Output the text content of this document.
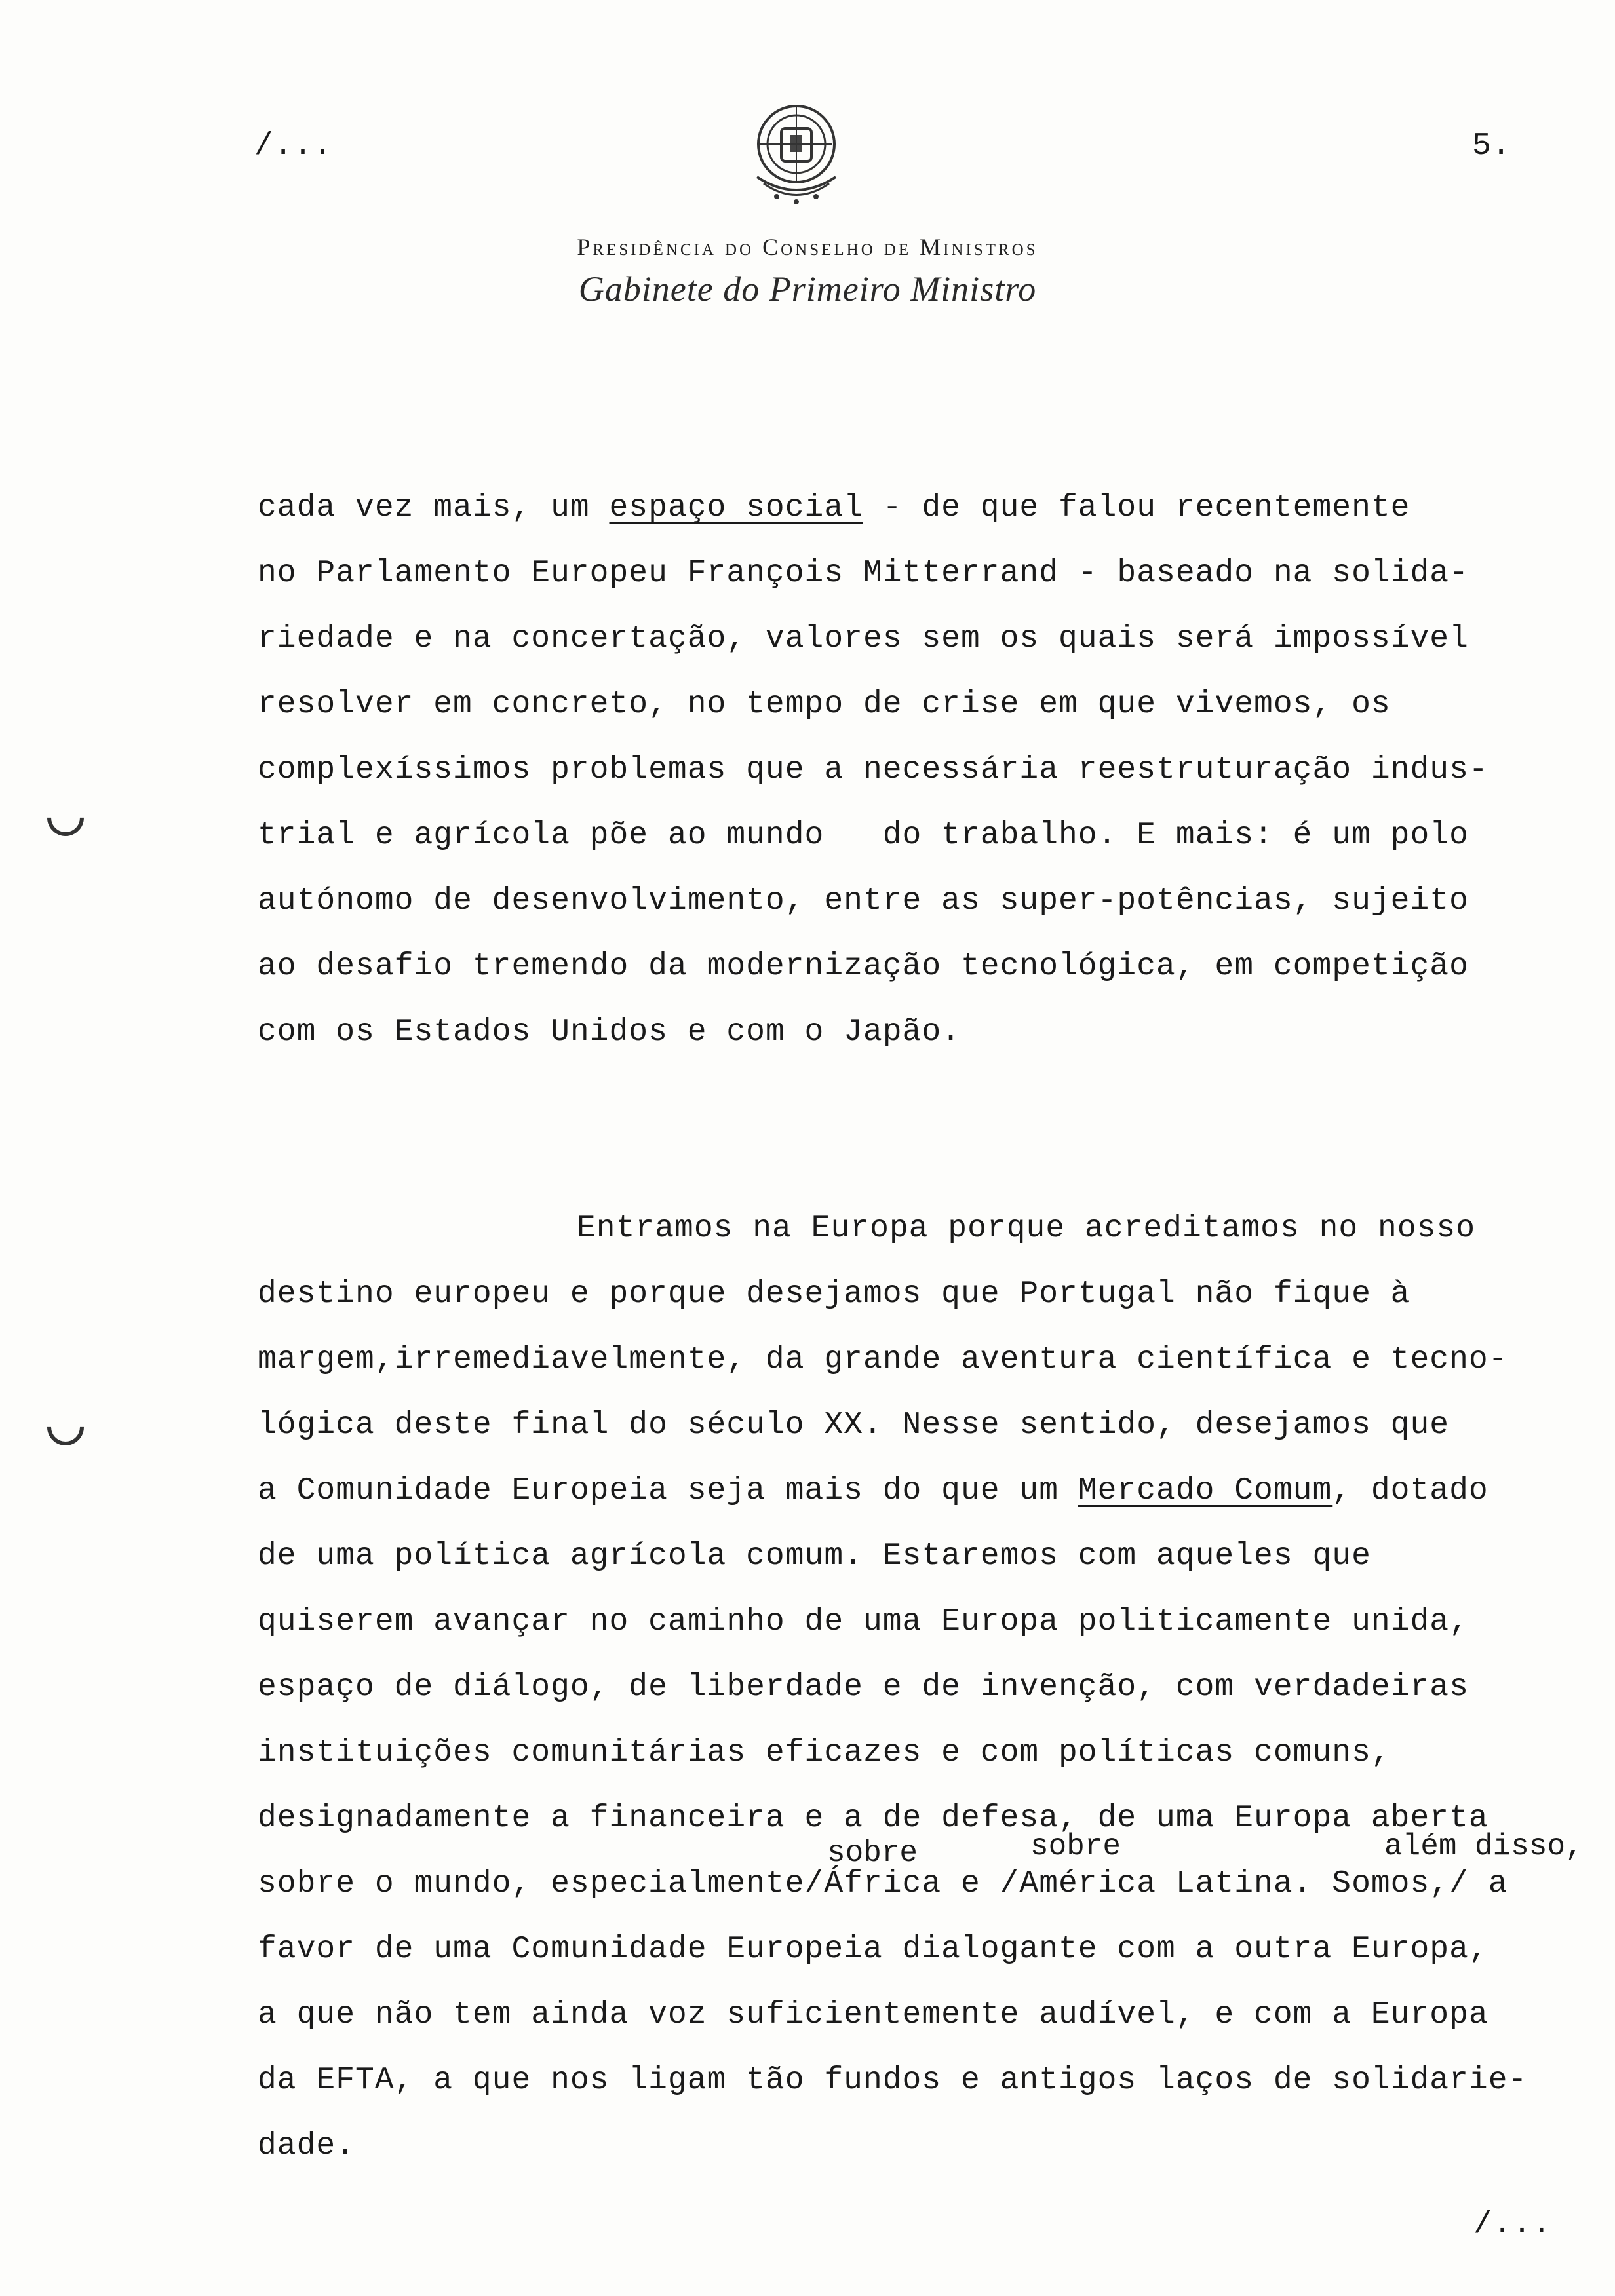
/...	5.
Presidência do Conselho de Ministros
Gabinete do Primeiro Ministro
cada vez mais, um espaço social - de que falou recentemente
no Parlamento Europeu François Mitterrand - baseado na solida-
riedade e na concertação, valores sem os quais será impossível
resolver em concreto, no tempo de crise em que vivemos, os
complexíssimos problemas que a necessária reestruturação indus-
trial e agrícola põe ao mundo   do trabalho. E mais: é um polo
autónomo de desenvolvimento, entre as super-potências, sujeito
ao desafio tremendo da modernização tecnológica, em competição
com os Estados Unidos e com o Japão.
Entramos na Europa porque acreditamos no nosso
destino europeu e porque desejamos que Portugal não fique à
margem,irremediavelmente, da grande aventura científica e tecno-
lógica deste final do século XX. Nesse sentido, desejamos que
a Comunidade Europeia seja mais do que um Mercado Comum, dotado
de uma política agrícola comum. Estaremos com aqueles que
quiserem avançar no caminho de uma Europa politicamente unida,
espaço de diálogo, de liberdade e de invenção, com verdadeiras
instituições comunitárias eficazes e com políticas comuns,
designadamente a financeira e a de defesa, de uma Europa aberta
sobre	sobre	além disso,
sobre o mundo, especialmente/África e /América Latina. Somos,/ a
favor de uma Comunidade Europeia dialogante com a outra Europa,
a que não tem ainda voz suficientemente audível, e com a Europa
da EFTA, a que nos ligam tão fundos e antigos laços de solidarie-
dade.
/...
